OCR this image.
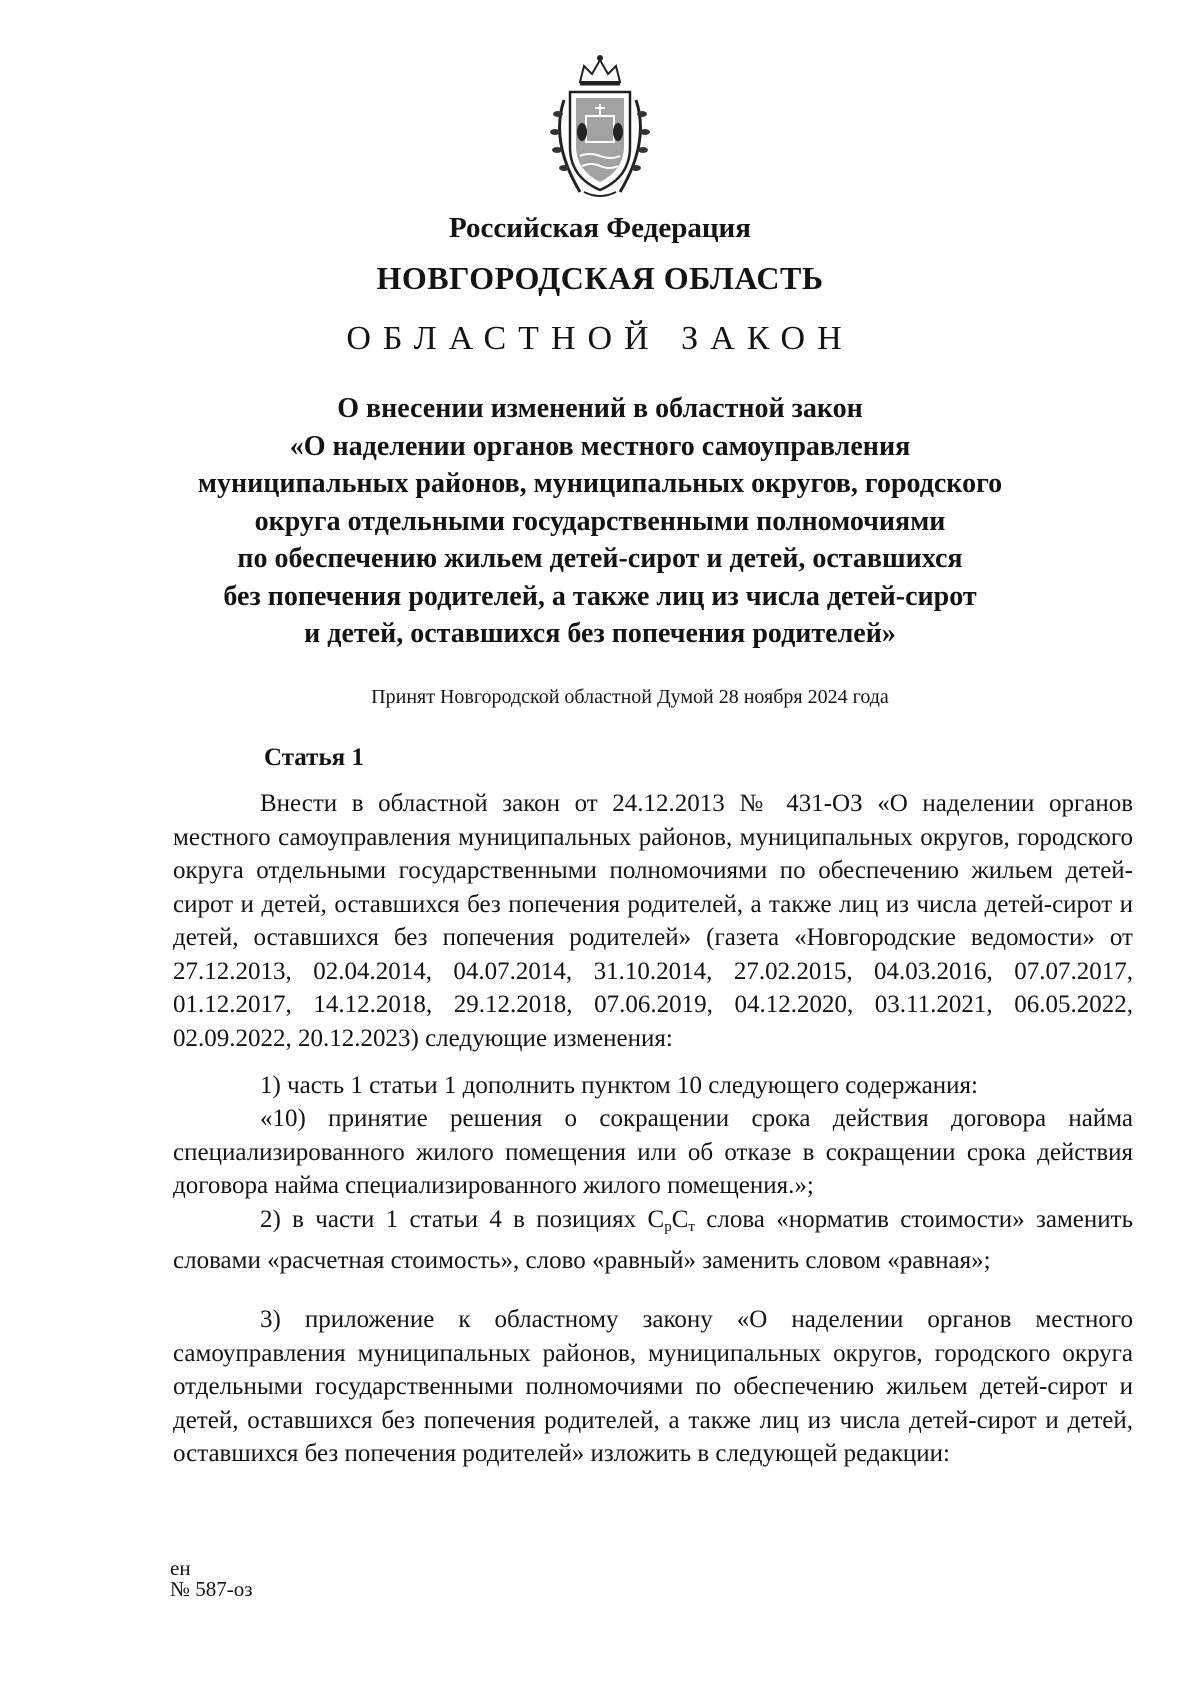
Российская Федерация
НОВГОРОДСКАЯ ОБЛАСТЬ
ОБЛАСТНОЙ ЗАКОН
О внесении изменений в областной закон
«О наделении органов местного самоуправления
муниципальных районов, муниципальных округов, городского
округа отдельными государственными полномочиями
по обеспечению жильем детей-сирот и детей, оставшихся
без попечения родителей, а также лиц из числа детей-сирот
и детей, оставшихся без попечения родителей»
Принят Новгородской областной Думой 28 ноября 2024 года
Статья 1

Внести в областной закон от 24.12.2013 № 431-ОЗ «О наделении органов местного самоуправления муниципальных районов, муниципальных округов, городского округа отдельными государственными полномочиями по обеспечению жильем детей-сирот и детей, оставшихся без попечения родителей, а также лиц из числа детей-сирот и детей, оставшихся без попечения родителей» (газета «Новгородские ведомости» от 27.12.2013, 02.04.2014, 04.07.2014, 31.10.2014, 27.02.2015, 04.03.2016, 07.07.2017, 01.12.2017, 14.12.2018, 29.12.2018, 07.06.2019, 04.12.2020, 03.11.2021, 06.05.2022, 02.09.2022, 20.12.2023) следующие изменения:

1) часть 1 статьи 1 дополнить пунктом 10 следующего содержания:

«10) принятие решения о сокращении срока действия договора найма специализированного жилого помещения или об отказе в сокращении срока действия договора найма специализированного жилого помещения.»;

2) в части 1 статьи 4 в позициях $С_рС_т$ слова «норматив стоимости» заменить словами «расчетная стоимость», слово «равный» заменить словом «равная»;

3) приложение к областному закону «О наделении органов местного самоуправления муниципальных районов, муниципальных округов, городского округа отдельными государственными полномочиями по обеспечению жильем детей-сирот и детей, оставшихся без попечения родителей, а также лиц из числа детей-сирот и детей, оставшихся без попечения родителей» изложить в следующей редакции:

ен
№ 587-оз
